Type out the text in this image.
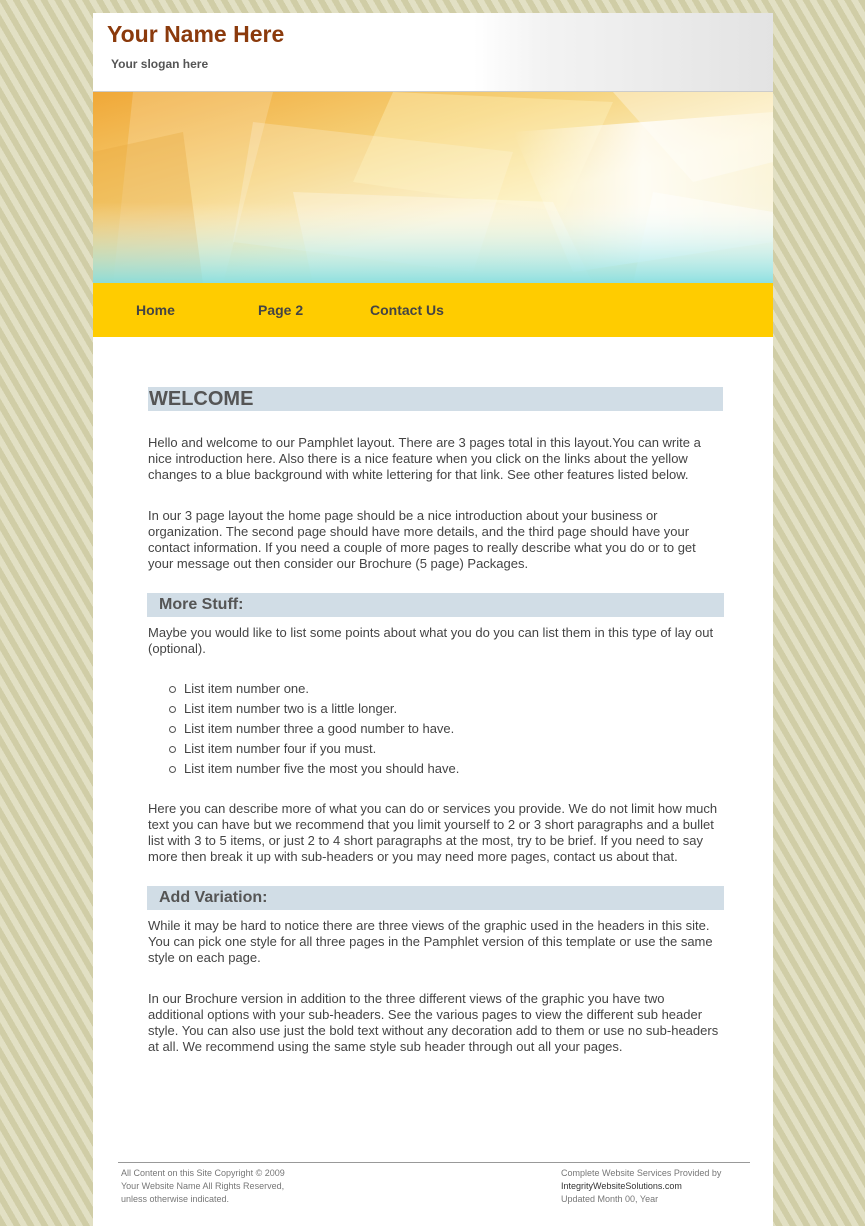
Your Name Here
Your slogan here
Home	Page 2	Contact Us
WELCOME

Hello and welcome to our Pamphlet layout. There are 3 pages total in this layout.You can write a nice introduction here. Also there is a nice feature when you click on the links about the yellow changes to a blue background with white lettering for that link. See other features listed below.

In our 3 page layout the home page should be a nice introduction about your business or organization. The second page should have more details, and the third page should have your contact information. If you need a couple of more pages to really describe what you do or to get your message out then consider our Brochure (5 page) Packages.

More Stuff:

Maybe you would like to list some points about what you do you can list them in this type of lay out (optional).

List item number one.
List item number two is a little longer.
List item number three a good number to have.
List item number four if you must.
List item number five the most you should have.

Here you can describe more of what you can do or services you provide. We do not limit how much text you can have but we recommend that you limit yourself to 2 or 3 short paragraphs and a bullet list with 3 to 5 items, or just 2 to 4 short paragraphs at the most, try to be brief. If you need to say more then break it up with sub-headers or you may need more pages, contact us about that.

Add Variation:

While it may be hard to notice there are three views of the graphic used in the headers in this site. You can pick one style for all three pages in the Pamphlet version of this template or use the same style on each page.

In our Brochure version in addition to the three different views of the graphic you have two additional options with your sub-headers. See the various pages to view the different sub header style. You can also use just the bold text without any decoration add to them or use no sub-headers at all. We recommend using the same style sub header through out all your pages.

All Content on this Site Copyright © 2009
Your Website Name All Rights Reserved,
unless otherwise indicated.
Complete Website Services Provided by
IntegrityWebsiteSolutions.com
Updated Month 00, Year
